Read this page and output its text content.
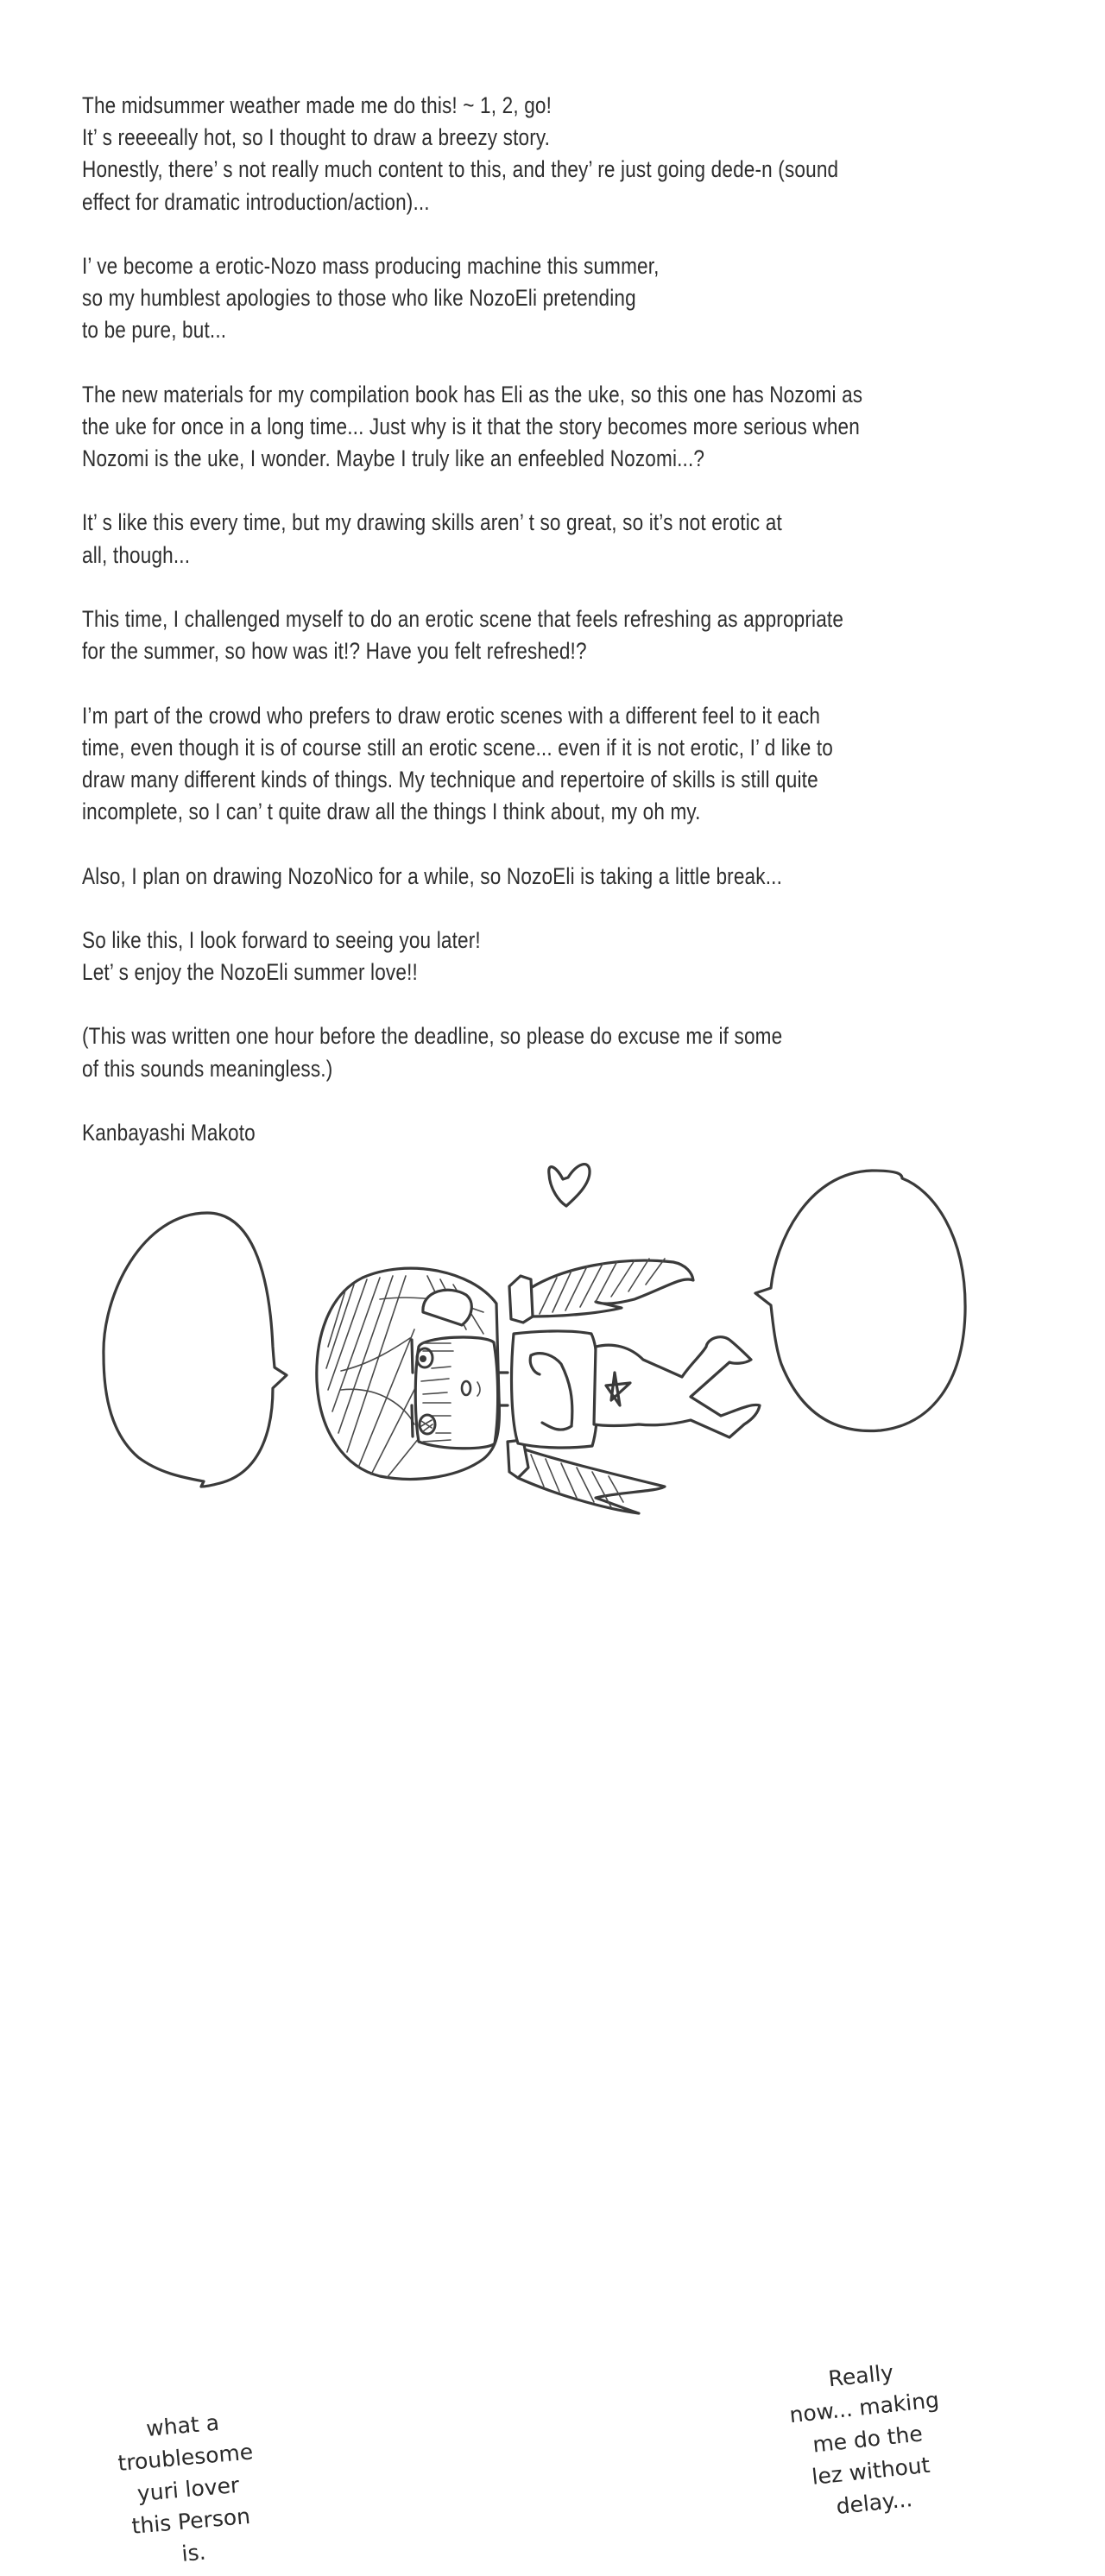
The midsummer weather made me do this! ~ 1, 2, go!
It’ s reeeeally hot, so I thought to draw a breezy story.
Honestly, there’ s not really much content to this, and they’ re just going dede-n (sound
effect for dramatic introduction/action)...
I’ ve become a erotic-Nozo mass producing machine this summer,
so my humblest apologies to those who like NozoEli pretending
to be pure, but...
The new materials for my compilation book has Eli as the uke, so this one has Nozomi as
the uke for once in a long time... Just why is it that the story becomes more serious when
Nozomi is the uke, I wonder. Maybe I truly like an enfeebled Nozomi...?
It’ s like this every time, but my drawing skills aren’ t so great, so it’s not erotic at
all, though...
This time, I challenged myself to do an erotic scene that feels refreshing as appropriate
for the summer, so how was it!? Have you felt refreshed!?
I’m part of the crowd who prefers to draw erotic scenes with a different feel to it each
time, even though it is of course still an erotic scene... even if it is not erotic, I’ d like to
draw many different kinds of things. My technique and repertoire of skills is still quite
incomplete, so I can’ t quite draw all the things I think about, my oh my.
Also, I plan on drawing NozoNico for a while, so NozoEli is taking a little break...
So like this, I look forward to seeing you later!
Let’ s enjoy the NozoEli summer love!!
(This was written one hour before the deadline, so please do excuse me if some
of this sounds meaningless.)
Kanbayashi Makoto
what a
troublesome
yuri lover
this Person
is.
Really
now... making
me do the
lez without
delay...
